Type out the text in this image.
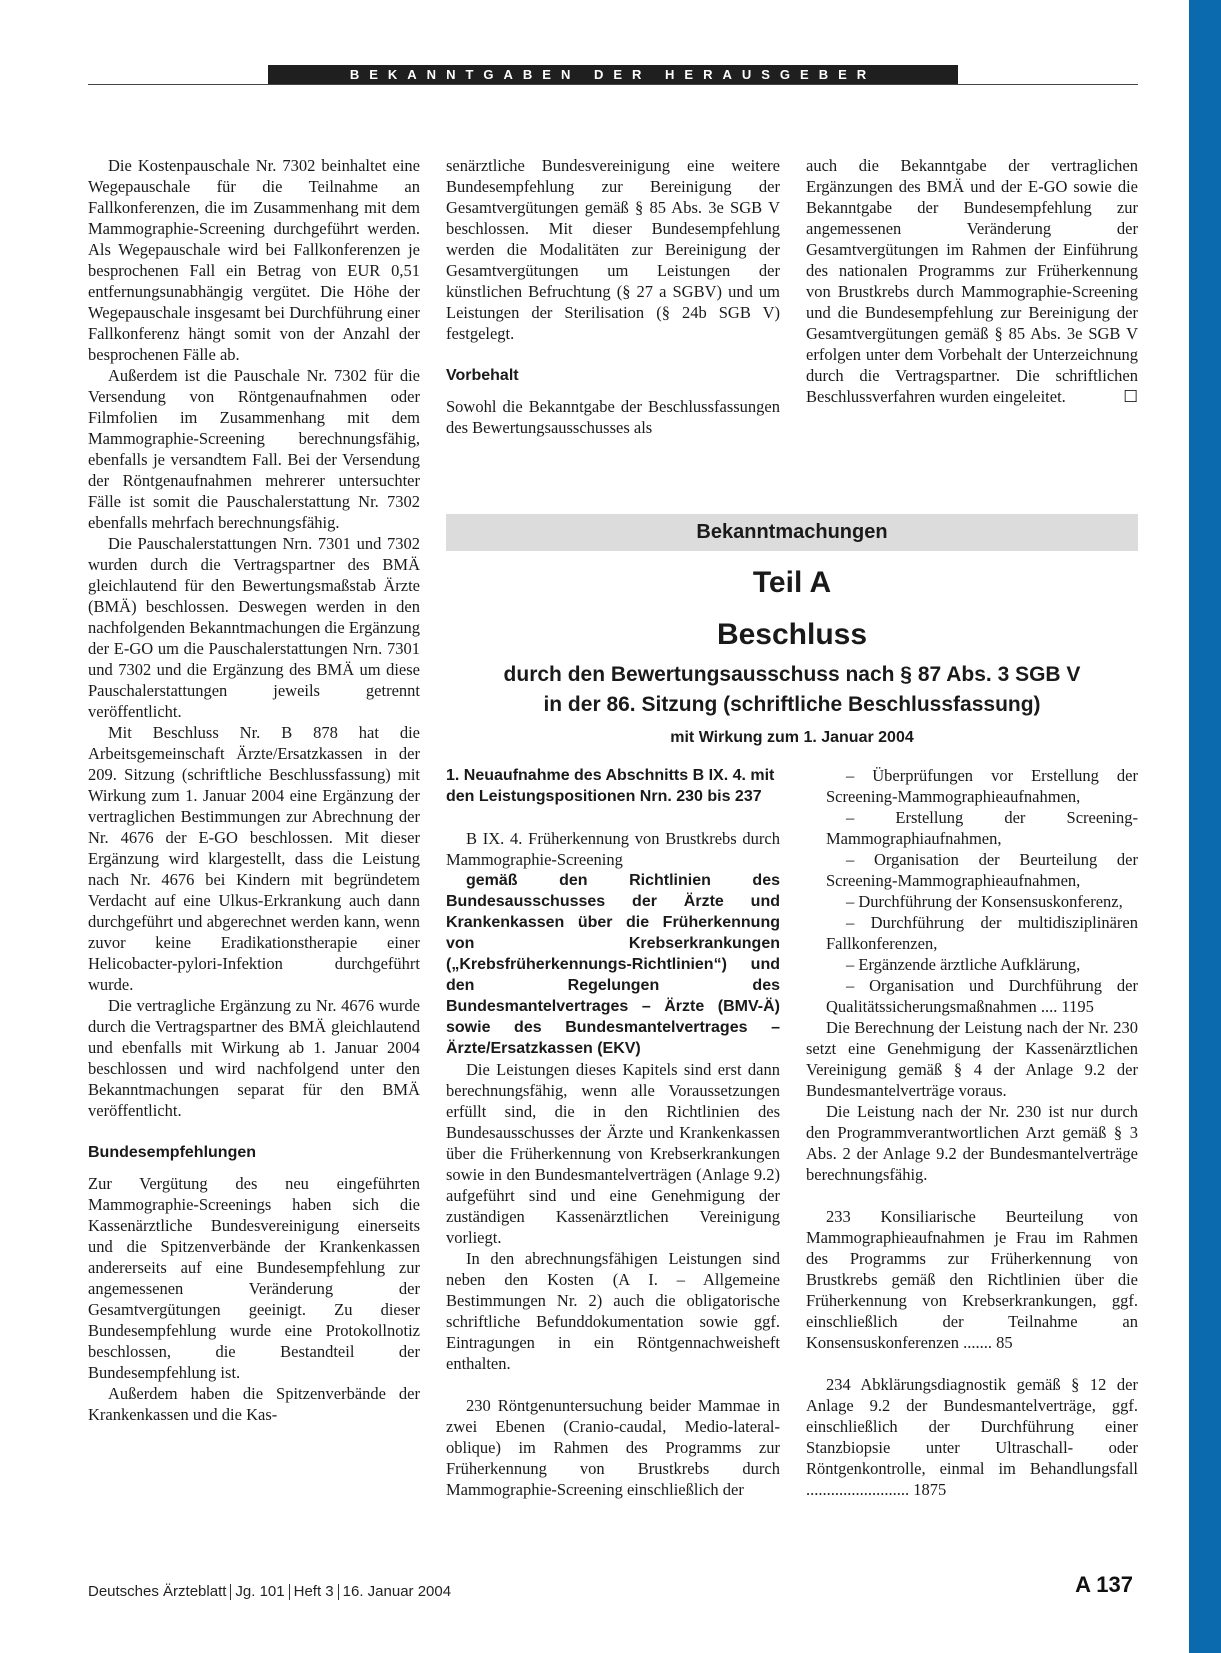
BEKANNTGABEN DER HERAUSGEBER

Die Kostenpauschale Nr. 7302 beinhaltet eine Wegepauschale für die Teilnahme an Fallkonferenzen, die im Zusammenhang mit dem Mammographie-Screening durchgeführt werden. Als Wegepauschale wird bei Fallkonferenzen je besprochenen Fall ein Betrag von EUR 0,51 entfernungsunabhängig vergütet. Die Höhe der Wegepauschale insgesamt bei Durchführung einer Fallkonferenz hängt somit von der Anzahl der besprochenen Fälle ab.

Außerdem ist die Pauschale Nr. 7302 für die Versendung von Röntgenaufnahmen oder Filmfolien im Zusammenhang mit dem Mammographie-Screening berechnungsfähig, ebenfalls je versandtem Fall. Bei der Versendung der Röntgenaufnahmen mehrerer untersuchter Fälle ist somit die Pauschalerstattung Nr. 7302 ebenfalls mehrfach berechnungsfähig.

Die Pauschalerstattungen Nrn. 7301 und 7302 wurden durch die Vertragspartner des BMÄ gleichlautend für den Bewertungsmaßstab Ärzte (BMÄ) beschlossen. Deswegen werden in den nachfolgenden Bekanntmachungen die Ergänzung der E-GO um die Pauschalerstattungen Nrn. 7301 und 7302 und die Ergänzung des BMÄ um diese Pauschalerstattungen jeweils getrennt veröffentlicht.

Mit Beschluss Nr. B 878 hat die Arbeitsgemeinschaft Ärzte/Ersatzkassen in der 209. Sitzung (schriftliche Beschlussfassung) mit Wirkung zum 1. Januar 2004 eine Ergänzung der vertraglichen Bestimmungen zur Abrechnung der Nr. 4676 der E-GO beschlossen. Mit dieser Ergänzung wird klargestellt, dass die Leistung nach Nr. 4676 bei Kindern mit begründetem Verdacht auf eine Ulkus-Erkrankung auch dann durchgeführt und abgerechnet werden kann, wenn zuvor keine Eradikationstherapie einer Helicobacter-pylori-Infektion durchgeführt wurde.

Die vertragliche Ergänzung zu Nr. 4676 wurde durch die Vertragspartner des BMÄ gleichlautend und ebenfalls mit Wirkung ab 1. Januar 2004 beschlossen und wird nachfolgend unter den Bekanntmachungen separat für den BMÄ veröffentlicht.

Bundesempfehlungen

Zur Vergütung des neu eingeführten Mammographie-Screenings haben sich die Kassenärztliche Bundesvereinigung einerseits und die Spitzenverbände der Krankenkassen andererseits auf eine Bundesempfehlung zur angemessenen Veränderung der Gesamtvergütungen geeinigt. Zu dieser Bundesempfehlung wurde eine Protokollnotiz beschlossen, die Bestandteil der Bundesempfehlung ist.

Außerdem haben die Spitzenverbände der Krankenkassen und die Kas-

senärztliche Bundesvereinigung eine weitere Bundesempfehlung zur Bereinigung der Gesamtvergütungen gemäß § 85 Abs. 3e SGB V beschlossen. Mit dieser Bundesempfehlung werden die Modalitäten zur Bereinigung der Gesamtvergütungen um Leistungen der künstlichen Befruchtung (§ 27 a SGBV) und um Leistungen der Sterilisation (§ 24b SGB V) festgelegt.

Vorbehalt

Sowohl die Bekanntgabe der Beschlussfassungen des Bewertungsausschusses als

auch die Bekanntgabe der vertraglichen Ergänzungen des BMÄ und der E-GO sowie die Bekanntgabe der Bundesempfehlung zur angemessenen Veränderung der Gesamtvergütungen im Rahmen der Einführung des nationalen Programms zur Früherkennung von Brustkrebs durch Mammographie-Screening und die Bundesempfehlung zur Bereinigung der Gesamtvergütungen gemäß § 85 Abs. 3e SGB V erfolgen unter dem Vorbehalt der Unterzeichnung durch die Vertragspartner. Die schriftlichen Beschlussverfahren wurden eingeleitet.	☐

Bekanntmachungen
Teil A
Beschluss
durch den Bewertungsausschuss nach § 87 Abs. 3 SGB V
in der 86. Sitzung (schriftliche Beschlussfassung)
mit Wirkung zum 1. Januar 2004
1. Neuaufnahme des Abschnitts B IX. 4. mit den Leistungspositionen Nrn. 230 bis 237

B IX. 4. Früherkennung von Brustkrebs durch Mammographie-Screening

gemäß den Richtlinien des Bundesausschusses der Ärzte und Krankenkassen über die Früherkennung von Krebserkrankungen („Krebsfrüherkennungs-Richtlinien“) und den Regelungen des Bundesmantelvertrages – Ärzte (BMV-Ä) sowie des Bundesmantelvertrages – Ärzte/Ersatzkassen (EKV)

Die Leistungen dieses Kapitels sind erst dann berechnungsfähig, wenn alle Voraussetzungen erfüllt sind, die in den Richtlinien des Bundesausschusses der Ärzte und Krankenkassen über die Früherkennung von Krebserkrankungen sowie in den Bundesmantelverträgen (Anlage 9.2) aufgeführt sind und eine Genehmigung der zuständigen Kassenärztlichen Vereinigung vorliegt.

In den abrechnungsfähigen Leistungen sind neben den Kosten (A I. – Allgemeine Bestimmungen Nr. 2) auch die obligatorische schriftliche Befunddokumentation sowie ggf. Eintragungen in ein Röntgennachweisheft enthalten.

230 Röntgenuntersuchung beider Mammae in zwei Ebenen (Cranio-caudal, Medio-lateral-oblique) im Rahmen des Programms zur Früherkennung von Brustkrebs durch Mammographie-Screening einschließlich der

– Überprüfungen vor Erstellung der Screening-Mammographieaufnahmen,

– Erstellung der Screening-Mammographiaufnahmen,

– Organisation der Beurteilung der Screening-Mammographieaufnahmen,

– Durchführung der Konsensuskonferenz,

– Durchführung der multidisziplinären Fallkonferenzen,

– Ergänzende ärztliche Aufklärung,

– Organisation und Durchführung der Qualitätssicherungsmaßnahmen .... 1195

Die Berechnung der Leistung nach der Nr. 230 setzt eine Genehmigung der Kassenärztlichen Vereinigung gemäß § 4 der Anlage 9.2 der Bundesmantelverträge voraus.

Die Leistung nach der Nr. 230 ist nur durch den Programmverantwortlichen Arzt gemäß § 3 Abs. 2 der Anlage 9.2 der Bundesmantelverträge berechnungsfähig.

233 Konsiliarische Beurteilung von Mammographieaufnahmen je Frau im Rahmen des Programms zur Früherkennung von Brustkrebs gemäß den Richtlinien über die Früherkennung von Krebserkrankungen, ggf. einschließlich der Teilnahme an Konsensuskonferenzen ....... 85

234 Abklärungsdiagnostik gemäß § 12 der Anlage 9.2 der Bundesmantelverträge, ggf. einschließlich der Durchführung einer Stanzbiopsie unter Ultraschall- oder Röntgenkontrolle, einmal im Behandlungsfall ......................... 1875

Deutsches Ärzteblatt Jg. 101 Heft 3 16. Januar 2004	A 137
